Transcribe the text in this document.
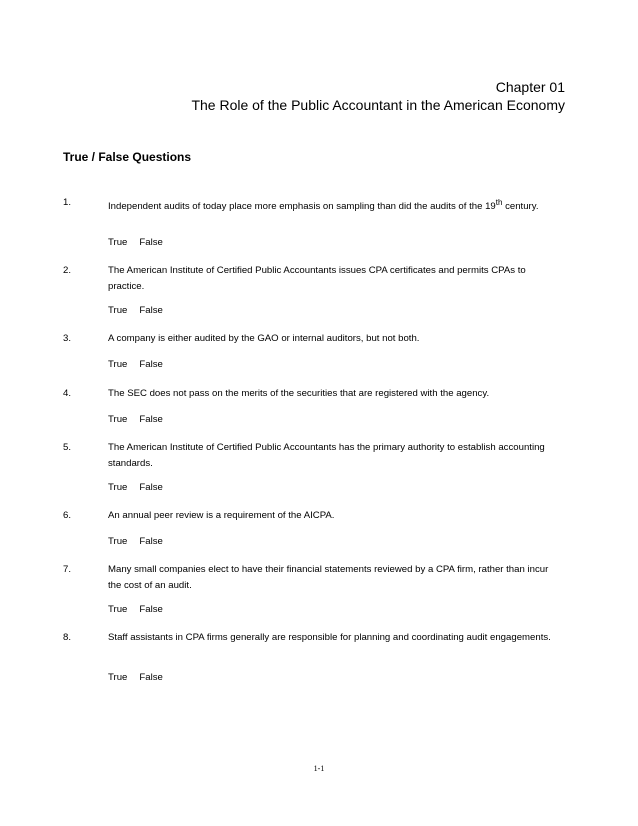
Chapter 01

The Role of the Public Accountant in the American Economy

True / False Questions

1.	Independent audits of today place more emphasis on sampling than did the audits of the 19th century.
True False
2.	The American Institute of Certified Public Accountants issues CPA certificates and permits CPAs to practice.
True False
3.	A company is either audited by the GAO or internal auditors, but not both.
True False
4.	The SEC does not pass on the merits of the securities that are registered with the agency.
True False
5.	The American Institute of Certified Public Accountants has the primary authority to establish accounting standards.
True False
6.	An annual peer review is a requirement of the AICPA.
True False
7.	Many small companies elect to have their financial statements reviewed by a CPA firm, rather than incur the cost of an audit.
True False
8.	Staff assistants in CPA firms generally are responsible for planning and coordinating audit engagements.
True False
1-1
